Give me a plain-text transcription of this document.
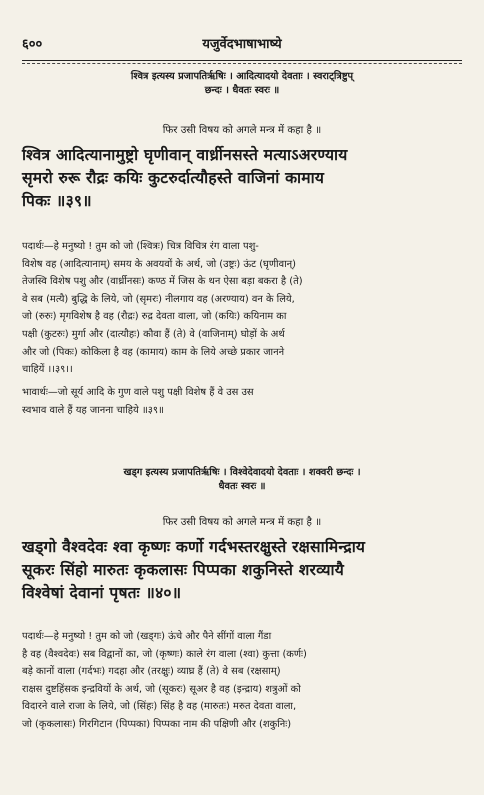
६००	यजुर्वेदभाषाभाष्ये
श्वित्र इत्यस्य प्रजापतिर्ऋषिः । आदित्यादयो देवताः । स्वराट्त्रिष्टुप्
छन्दः । धैवतः स्वरः ॥
फिर उसी विषय को अगले मन्त्र में कहा है ॥
श्वित्र आदित्यानामुष्ट्रो घृणीवान् वार्ध्रीनसस्ते मत्याऽअरण्याय
सृमरो रुरू रौद्रः कयिः कुटरुर्दात्यौहस्ते वाजिनां कामाय
पिकः ॥३९॥
पदार्थः—हे मनुष्यो ! तुम को जो (श्वित्रः) चित्र विचित्र रंग वाला पशु-
विशेष वह (आदित्यानाम्) समय के अवयवों के अर्थ, जो (उष्ट्रः) ऊंट (घृणीवान्)
तेजस्वि विशेष पशु और (वार्ध्रीनसः) कण्ठ में जिस के थन ऐसा बड़ा बकरा है (ते)
वे सब (मत्यै) बुद्धि के लिये, जो (सृमरः) नीलगाय वह (अरण्याय) वन के लिये,
जो (रुरुः) मृगविशेष है वह (रौद्रः) रुद्र देवता वाला, जो (कयिः) कयिनाम का
पक्षी (कुटरुः) मुर्गा और (दात्यौहः) कौवा हैं (ते) वे (वाजिनाम्) घोड़ों के अर्थ
और जो (पिकः) कोकिला है वह (कामाय) काम के लिये अच्छे प्रकार जानने
चाहियें ।।३९।।
भावार्थः—जो सूर्य आदि के गुण वाले पशु पक्षी विशेष हैं वे उस उस
स्वभाव वाले हैं यह जानना चाहिये ॥३९॥
खड्ग इत्यस्य प्रजापतिर्ऋषिः । विश्वेदेवादयो देवताः । शक्वरी छन्दः ।
धैवतः स्वरः ॥
फिर उसी विषय को अगले मन्त्र में कहा है ॥
खड्गो वैश्वदेवः श्वा कृष्णः कर्णो गर्दभस्तरक्षुस्ते रक्षसामिन्द्राय
सूकरः सिंहो मारुतः कृकलासः पिप्पका शकुनिस्ते शरव्यायै
विश्वेषां देवानां पृषतः ॥४०॥
पदार्थः—हे मनुष्यो ! तुम को जो (खड्गः) ऊंचे और पैने सींगों वाला गैंडा
है वह (वैश्वदेवः) सब विद्वानों का, जो (कृष्णः) काले रंग वाला (श्वा) कुत्ता (कर्णः)
बड़े कानों वाला (गर्दभः) गदहा और (तरक्षुः) व्याघ्र हैं (ते) वे सब (रक्षसाम्)
राक्षस दुष्टहिंसक इन्द्रवियों के अर्थ, जो (सूकरः) सूअर है वह (इन्द्राय) शत्रुओं को
विदारने वाले राजा के लिये, जो (सिंहः) सिंह है वह (मारुतः) मरुत देवता वाला,
जो (कृकलासः) गिरगिटान (पिप्पका) पिप्पका नाम की पक्षिणी और (शकुनिः)
